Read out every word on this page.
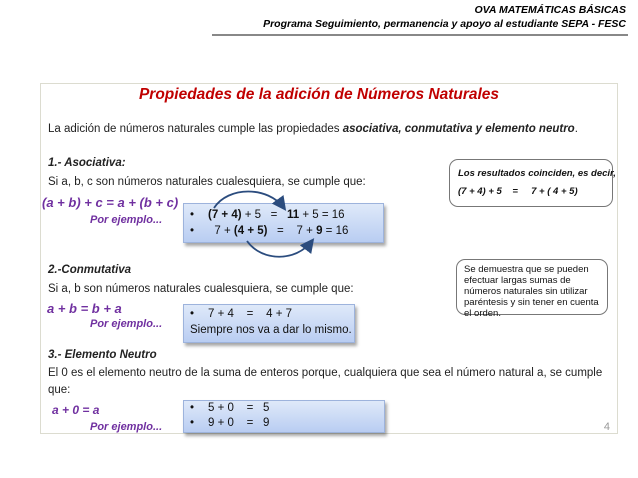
OVA MATEMÁTICAS BÁSICAS
Programa Seguimiento, permanencia y apoyo al estudiante SEPA - FESC
Propiedades de la adición de Números Naturales
La adición de números naturales cumple las propiedades asociativa, conmutativa y elemento neutro.
1.- Asociativa:
Si a, b, c son números naturales cualesquiera, se cumple que:
(a + b) + c = a + (b + c)
Por ejemplo... • (7 + 4) + 5   =   11 + 5 = 16
•  7 + (4 + 5)   =    7 + 9 = 16
Los resultados coinciden, es decir,
(7 + 4) + 5    =     7 + ( 4 + 5)
2.-Conmutativa
Si a, b son números naturales cualesquiera, se cumple que:
a + b = b + a
Por ejemplo...
• 7 + 4    =    4 + 7
Siempre nos va a dar lo mismo.
Se demuestra que se pueden efectuar largas sumas de números naturales sin utilizar paréntesis y sin tener en cuenta el orden.
3.- Elemento Neutro
El 0 es el elemento neutro de la suma de enteros porque, cualquiera que sea el número natural a, se cumple
que:
a + 0 = a
Por ejemplo...
• 5 + 0    =   5
• 9 + 0    =   9	4
